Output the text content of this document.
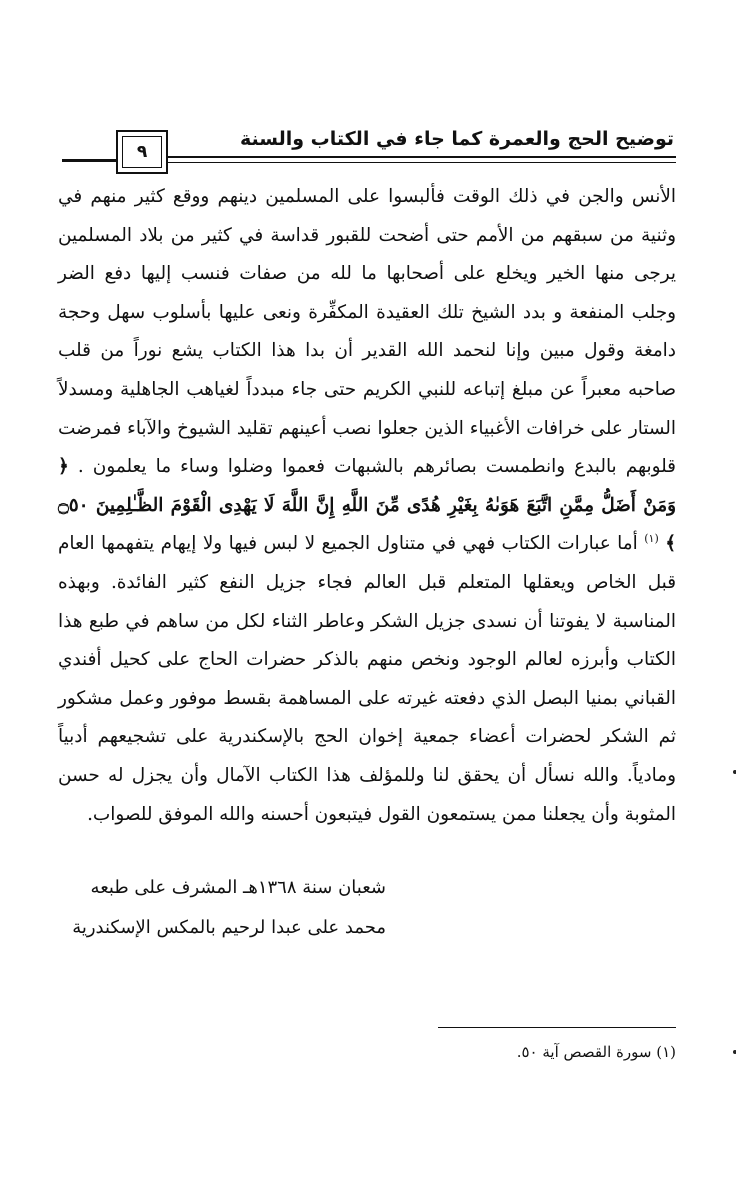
توضيح الحج والعمرة كما جاء في الكتاب والسنة
٩
الأنس والجن في ذلك الوقت فألبسوا على المسلمين دينهم ووقع كثير منهم في وثنية من سبقهم من الأمم حتى أضحت للقبور قداسة في كثير من بلاد المسلمين يرجى منها الخير ويخلع على أصحابها ما لله من صفات فنسب إليها دفع الضر وجلب المنفعة و بدد الشيخ تلك العقيدة المكفِّرة ونعى عليها بأسلوب سهل وحجة دامغة وقول مبين وإنا لنحمد الله القدير أن بدا هذا الكتاب يشع نوراً من قلب صاحبه معبراً عن مبلغ إتباعه للنبي الكريم حتى جاء مبدداً لغياهب الجاهلية ومسدلاً الستار على خرافات الأغبياء الذين جعلوا نصب أعينهم تقليد الشيوخ والآباء فمرضت قلوبهم بالبدع وانطمست بصائرهم بالشبهات فعموا وضلوا وساء ما يعلمون . ﴿ وَمَنْ أَضَلُّ مِمَّنِ اتَّبَعَ هَوَىٰهُ بِغَيْرِ هُدًى مِّنَ اللَّهِ إِنَّ اللَّهَ لَا يَهْدِى الْقَوْمَ الظَّـٰلِمِينَ ۝٥٠ ﴾ $^{(١)}$ أما عبارات الكتاب فهي في متناول الجميع لا لبس فيها ولا إيهام يتفهمها العام قبل الخاص ويعقلها المتعلم قبل العالم فجاء جزيل النفع كثير الفائدة. وبهذه المناسبة لا يفوتنا أن نسدى جزيل الشكر وعاطر الثناء لكل من ساهم في طبع هذا الكتاب وأبرزه لعالم الوجود ونخص منهم بالذكر حضرات الحاج على كحيل أفندي القباني بمنيا البصل الذي دفعته غيرته على المساهمة بقسط موفور وعمل مشكور ثم الشكر لحضرات أعضاء جمعية إخوان الحج بالإسكندرية على تشجيعهم أدبياً ومادياً. والله نسأل أن يحقق لنا وللمؤلف هذا الكتاب الآمال وأن يجزل له حسن المثوبة وأن يجعلنا ممن يستمعون القول فيتبعون أحسنه والله الموفق للصواب.
شعبان سنة ١٣٦٨هـ المشرف على طبعه
محمد على عبدا لرحيم بالمكس الإسكندرية
(١) سورة القصص آية ٥٠.
